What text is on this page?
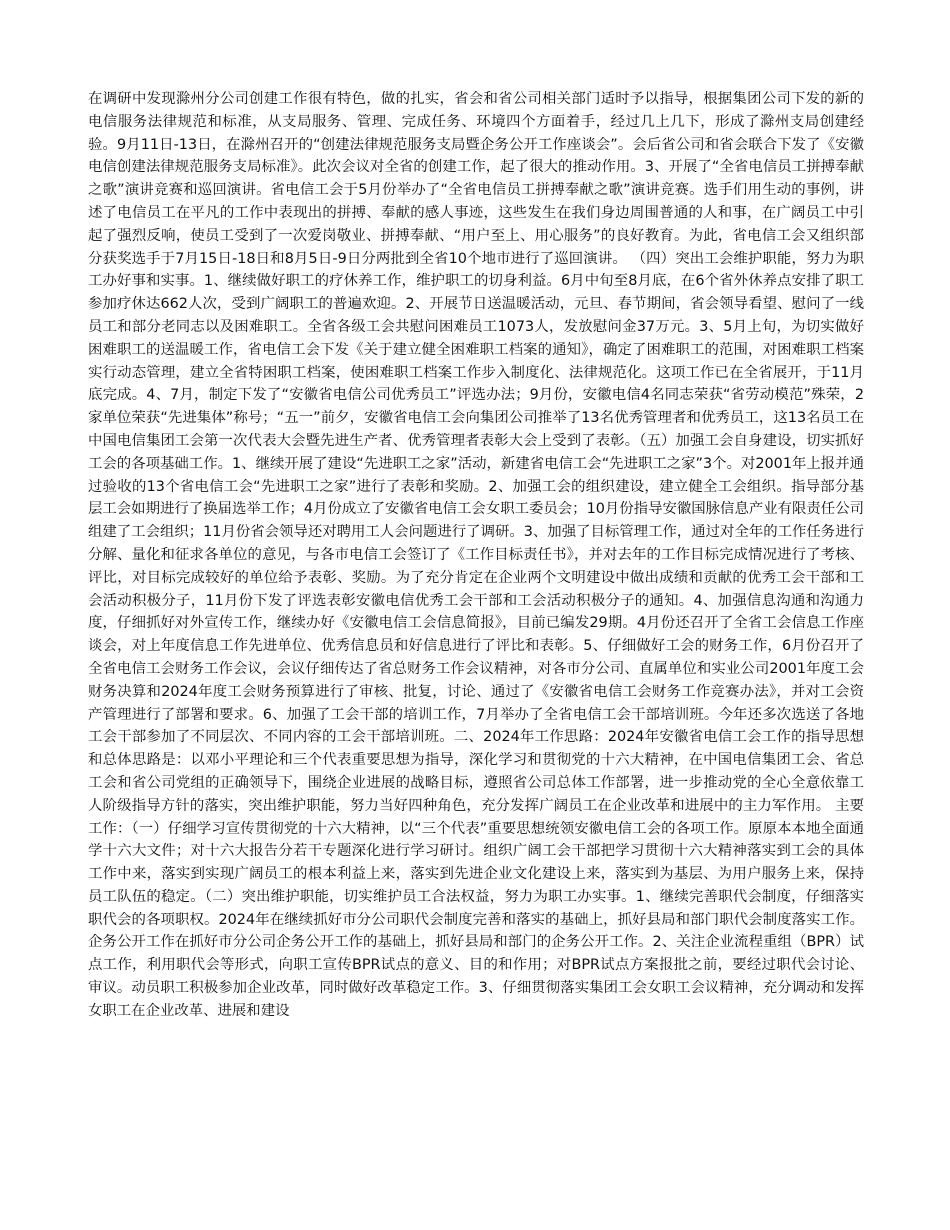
在调研中发现滁州分公司创建工作很有特色，做的扎实，省会和省公司相关部门适时予以指导，根据集团公司下发的新的电信服务法律规范和标准，从支局服务、管理、完成任务、环境四个方面着手，经过几上几下，形成了滁州支局创建经验。9月11日-13日，在滁州召开的“创建法律规范服务支局暨企务公开工作座谈会”。会后省公司和省会联合下发了《安徽电信创建法律规范服务支局标准》。此次会议对全省的创建工作，起了很大的推动作用。3、开展了“全省电信员工拼搏奉献之歌”演讲竞赛和巡回演讲。省电信工会于5月份举办了“全省电信员工拼搏奉献之歌”演讲竞赛。选手们用生动的事例，讲述了电信员工在平凡的工作中表现出的拼搏、奉献的感人事迹，这些发生在我们身边周围普通的人和事，在广阔员工中引起了强烈反响，使员工受到了一次爱岗敬业、拼搏奉献、“用户至上、用心服务”的良好教育。为此，省电信工会又组织部分获奖选手于7月15日-18日和8月5日-9日分两批到全省10个地市进行了巡回演讲。 （四）突出工会维护职能，努力为职工办好事和实事。1、继续做好职工的疗休养工作，维护职工的切身利益。6月中旬至8月底，在6个省外休养点安排了职工参加疗休达662人次，受到广阔职工的普遍欢迎。2、开展节日送温暖活动，元旦、春节期间，省会领导看望、慰问了一线员工和部分老同志以及困难职工。全省各级工会共慰问困难员工1073人，发放慰问金37万元。3、5月上旬，为切实做好困难职工的送温暖工作，省电信工会下发《关于建立健全困难职工档案的通知》，确定了困难职工的范围，对困难职工档案实行动态管理，建立全省特困职工档案，使困难职工档案工作步入制度化、法律规范化。这项工作已在全省展开，于11月底完成。4、7月，制定下发了“安徽省电信公司优秀员工”评选办法；9月份，安徽电信4名同志荣获“省劳动模范”殊荣，2家单位荣获“先进集体”称号；“五一”前夕，安徽省电信工会向集团公司推举了13名优秀管理者和优秀员工，这13名员工在中国电信集团工会第一次代表大会暨先进生产者、优秀管理者表彰大会上受到了表彰。（五）加强工会自身建设，切实抓好工会的各项基础工作。1、继续开展了建设“先进职工之家”活动，新建省电信工会“先进职工之家”3个。对2001年上报并通过验收的13个省电信工会“先进职工之家”进行了表彰和奖励。2、加强工会的组织建设，建立健全工会组织。指导部分基层工会如期进行了换届选举工作；4月份成立了安徽省电信工会女职工委员会；10月份指导安徽国脉信息产业有限责任公司组建了工会组织；11月份省会领导还对聘用工人会问题进行了调研。3、加强了目标管理工作，通过对全年的工作任务进行分解、量化和征求各单位的意见，与各市电信工会签订了《工作目标责任书》，并对去年的工作目标完成情况进行了考核、评比，对目标完成较好的单位给予表彰、奖励。为了充分肯定在企业两个文明建设中做出成绩和贡献的优秀工会干部和工会活动积极分子，11月份下发了评选表彰安徽电信优秀工会干部和工会活动积极分子的通知。4、加强信息沟通和沟通力度，仔细抓好对外宣传工作，继续办好《安徽电信工会信息简报》，目前已编发29期。4月份还召开了全省工会信息工作座谈会，对上年度信息工作先进单位、优秀信息员和好信息进行了评比和表彰。5、仔细做好工会的财务工作，6月份召开了全省电信工会财务工作会议，会议仔细传达了省总财务工作会议精神，对各市分公司、直属单位和实业公司2001年度工会财务决算和2024年度工会财务预算进行了审核、批复，讨论、通过了《安徽省电信工会财务工作竞赛办法》，并对工会资产管理进行了部署和要求。6、加强了工会干部的培训工作，7月举办了全省电信工会干部培训班。今年还多次选送了各地工会干部参加了不同层次、不同内容的工会干部培训班。二、2024年工作思路：2024年安徽省电信工会工作的指导思想和总体思路是：以邓小平理论和三个代表重要思想为指导，深化学习和贯彻党的十六大精神，在中国电信集团工会、省总工会和省公司党组的正确领导下，围绕企业进展的战略目标，遵照省公司总体工作部署，进一步推动党的全心全意依靠工人阶级指导方针的落实，突出维护职能，努力当好四种角色，充分发挥广阔员工在企业改革和进展中的主力军作用。 主要工作：（一）仔细学习宣传贯彻党的十六大精神，以“三个代表”重要思想统领安徽电信工会的各项工作。原原本本地全面通学十六大文件；对十六大报告分若干专题深化进行学习研讨。组织广阔工会干部把学习贯彻十六大精神落实到工会的具体工作中来，落实到实现广阔员工的根本利益上来，落实到先进企业文化建设上来，落实到为基层、为用户服务上来，保持员工队伍的稳定。（二）突出维护职能，切实维护员工合法权益，努力为职工办实事。1、继续完善职代会制度，仔细落实职代会的各项职权。2024年在继续抓好市分公司职代会制度完善和落实的基础上，抓好县局和部门职代会制度落实工作。企务公开工作在抓好市分公司企务公开工作的基础上，抓好县局和部门的企务公开工作。2、关注企业流程重组（BPR）试点工作，利用职代会等形式，向职工宣传BPR试点的意义、目的和作用；对BPR试点方案报批之前，要经过职代会讨论、审议。动员职工积极参加企业改革，同时做好改革稳定工作。3、仔细贯彻落实集团工会女职工会议精神，充分调动和发挥女职工在企业改革、进展和建设
